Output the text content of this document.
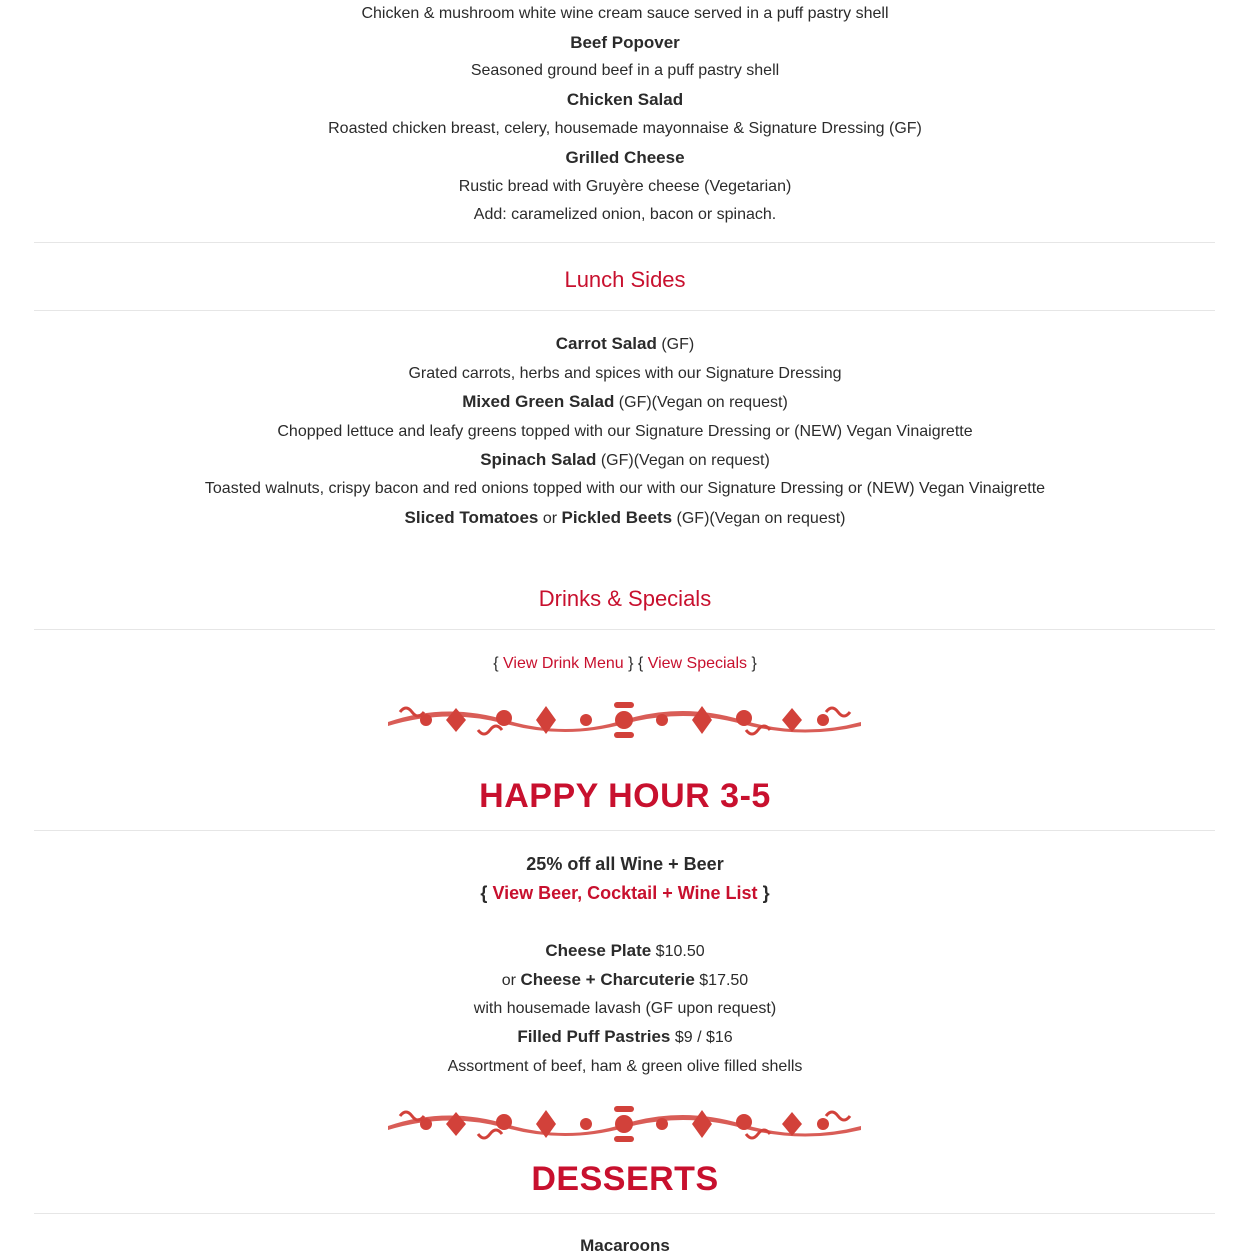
Chicken & mushroom white wine cream sauce served in a puff pastry shell
Beef Popover
Seasoned ground beef in a puff pastry shell
Chicken Salad
Roasted chicken breast, celery, housemade mayonnaise & Signature Dressing (GF)
Grilled Cheese
Rustic bread with Gruyère cheese (Vegetarian)
Add: caramelized onion, bacon or spinach.
Lunch Sides
Carrot Salad (GF)
Grated carrots, herbs and spices with our Signature Dressing
Mixed Green Salad (GF)(Vegan on request)
Chopped lettuce and leafy greens topped with our Signature Dressing or (NEW) Vegan Vinaigrette
Spinach Salad (GF)(Vegan on request)
Toasted walnuts, crispy bacon and red onions topped with our with our Signature Dressing or (NEW) Vegan Vinaigrette
Sliced Tomatoes or Pickled Beets (GF)(Vegan on request)
Drinks & Specials
{ View Drink Menu } { View Specials }
HAPPY HOUR 3-5
25% off all Wine + Beer
{ View Beer, Cocktail + Wine List }
Cheese Plate $10.50
or Cheese + Charcuterie $17.50
with housemade lavash (GF upon request)
Filled Puff Pastries $9 / $16
Assortment of beef, ham & green olive filled shells
DESSERTS
Macaroons
